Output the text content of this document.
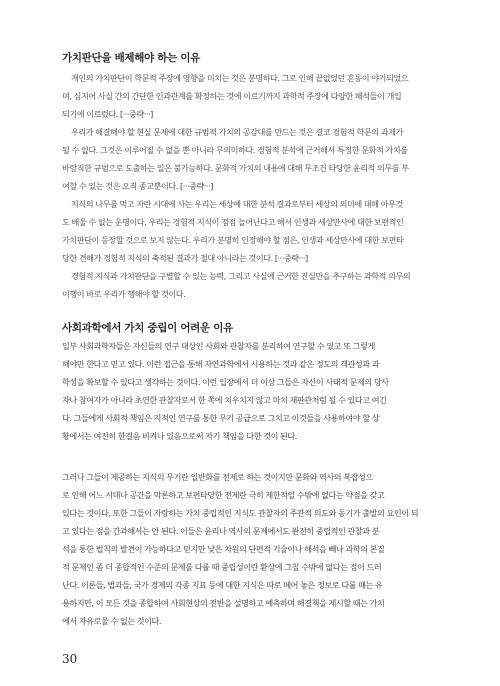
가치판단을 배제해야 하는 이유
개인의 가치판단이 학문적 주장에 영향을 미치는 것은 분명하다. 그로 인해 끝없었던 혼동이 야기되었으
며, 심지어 사실 간의 간단한 인과관계를 확정하는 것에 이르기까지 과학적 주장에 다양한 해석들이 개입
되기에 이르렀다. [···중략···]
우리가 해결해야 할 현실 문제에 대한 규범적 가치의 공감대를 만드는 것은 결코 경험적 학문의 과제가
될 수 없다. 그것은 이루어질 수 없을 뿐 아니라 무의미하다. 경험적 분석에 근거해서 특정한 문화적 가치를
바람직한 규범으로 도출하는 일은 불가능하다. 문화적 가치의 내용에 대해 무조건 타당한 윤리적 의무를 부
여할 수 있는 것은 오직 종교뿐이다. [···중략···]
지식의 나무를 먹고 자란 시대에 사는 우리는 세상에 대한 분석 결과로부터 세상의 의미에 대해 아무것
도 배울 수 없는 운명이다. 우리는 경험적 지식이 점점 늘어난다고 해서 인생과 세상만사에 대한 보편적인
가치판단이 등장할 것으로 보지 않는다. 우리가 분명히 인정해야 할 점은, 인생과 세상만사에 대한 보편타
당한 견해가 경험적 지식의 축적된 결과가 절대 아니라는 것이다. [···중략···]
경험적 지식과 가치판단을 구별할 수 있는 능력, 그리고 사실에 근거한 진실만을 추구하는 과학적 의무의
이행이 바로 우리가 행해야 할 것이다.
사회과학에서 가치 중립이 어려운 이유
일부 사회과학자들은 자신들의 연구 대상인 사회와 관찰자를 분리하여 연구할 수 있고 또 그렇게
해야만 한다고 믿고 있다. 이런 접근을 통해 자연과학에서 시용하는 것과 같은 정도의 객관성과 과
학성을 확보할 수 있다고 생각하는 것이다. 이런 입장에서 더 이상 그들은 자신이 사태적 문제의 당사
자나 참여자가 아니라 초연한 관찰자로서 한 쪽에 치우치지 않고 마치 재판관처럼 될 수 있다고 여긴
다. 그들에게 사회적 책임은 지적인 연구를 통한 무기 공급으로 그치고 이것들을 사용하여야 할 상
황에서는 여전히 한걸음 비켜나 있음으로써 자기 책임을 다한 것이 된다.
그러나 그들이 제공하는 지식의 무기란 일반화를 전제로 하는 것이지만 문화와 역사의 복잡성으
로 인해 어느 시대나 공간을 막론하고 보편타당한 전제란 극히 제한적일 수밖에 없다는 약점을 갖고
있다는 것이다. 또한 그들이 자랑하는 가치 중립적인 지식도 관찰자의 주관적 의도와 동기가 출발의 요인이 되
고 있다는 점을 간과해서는 안 된다. 이들은 윤리나 역사의 문제에서도 완전히 중립적인 관찰과 분
석을 통한 법칙의 발견이 가능하다고 믿지만 낮은 차원의 단편적 기술이나 해석을 빼나 과학의 본질
적 문제인 좀 더 종합적인 수준의 문제를 다룰 때 중립성이란 환상에 그칠 수밖에 없다는 점이 드러
난다. 이론들, 법과들, 국가 경제의 각종 지표 등에 대한 지식은 따로 떼어 놓은 정보로 다룰 때는 유
용하지만, 이 모든 것을 종합하여 사회현상의 전반을 설명하고 예측하며 해결책을 제시할 때는 가치
에서 자유로울 수 없는 것이다.
30
